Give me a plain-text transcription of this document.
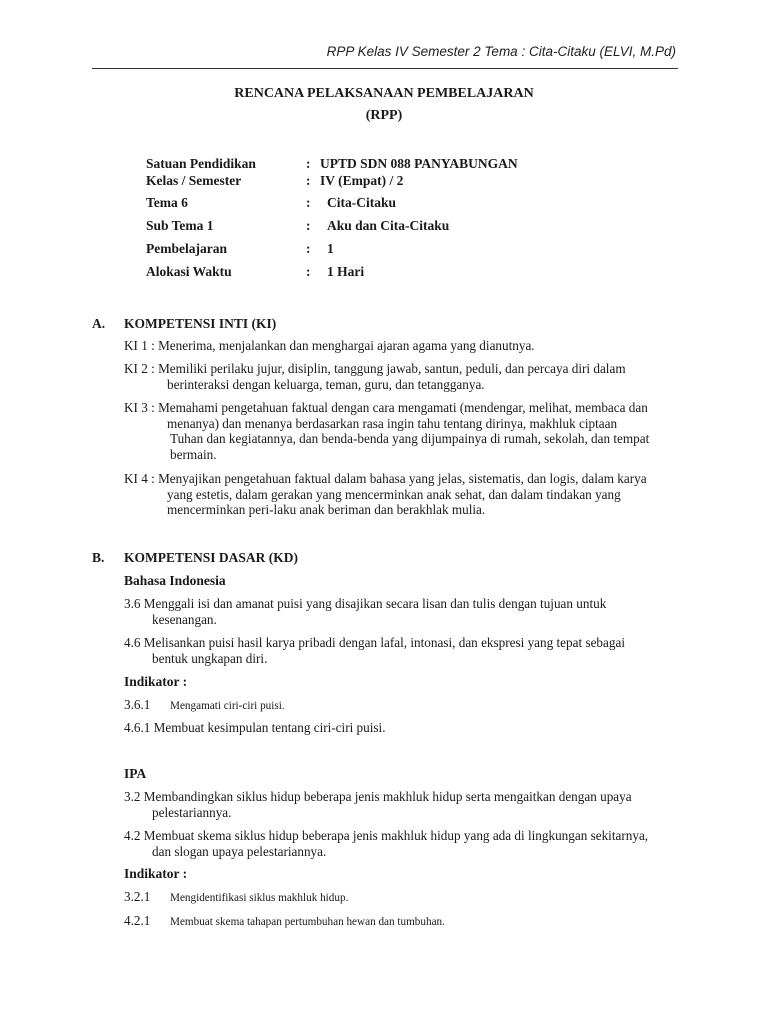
RPP Kelas IV Semester 2 Tema : Cita-Citaku (ELVI, M.Pd)
RENCANA PELAKSANAAN PEMBELAJARAN
(RPP)
Satuan Pendidikan	: UPTD SDN 088 PANYABUNGAN
Kelas / Semester	: IV (Empat) / 2
Tema 6	: Cita-Citaku
Sub Tema 1	: Aku dan Cita-Citaku
Pembelajaran	: 1
Alokasi Waktu	: 1 Hari
A. KOMPETENSI INTI (KI)
KI 1 : Menerima, menjalankan dan menghargai ajaran agama yang dianutnya.
KI 2 : Memiliki perilaku jujur, disiplin, tanggung jawab, santun, peduli, dan percaya diri dalam
berinteraksi dengan keluarga, teman, guru, dan tetangganya.
KI 3 : Memahami pengetahuan faktual dengan cara mengamati (mendengar, melihat, membaca dan
menanya) dan menanya berdasarkan rasa ingin tahu tentang dirinya, makhluk ciptaan
Tuhan dan kegiatannya, dan benda-benda yang dijumpainya di rumah, sekolah, dan tempat
bermain.
KI 4 : Menyajikan pengetahuan faktual dalam bahasa yang jelas, sistematis, dan logis, dalam karya
yang estetis, dalam gerakan yang mencerminkan anak sehat, dan dalam tindakan yang
mencerminkan peri-laku anak beriman dan berakhlak mulia.
B. KOMPETENSI DASAR (KD)
Bahasa Indonesia
3.6 Menggali isi dan amanat puisi yang disajikan secara lisan dan tulis dengan tujuan untuk
kesenangan.
4.6 Melisankan puisi hasil karya pribadi dengan lafal, intonasi, dan ekspresi yang tepat sebagai
bentuk ungkapan diri.
Indikator :
3.6.1 Mengamati ciri-ciri puisi.
4.6.1 Membuat kesimpulan tentang ciri-ciri puisi.
IPA
3.2 Membandingkan siklus hidup beberapa jenis makhluk hidup serta mengaitkan dengan upaya
pelestariannya.
4.2 Membuat skema siklus hidup beberapa jenis makhluk hidup yang ada di lingkungan sekitarnya,
dan slogan upaya pelestariannya.
Indikator :
3.2.1 Mengidentifikasi siklus makhluk hidup.
4.2.1 Membuat skema tahapan pertumbuhan hewan dan tumbuhan.
